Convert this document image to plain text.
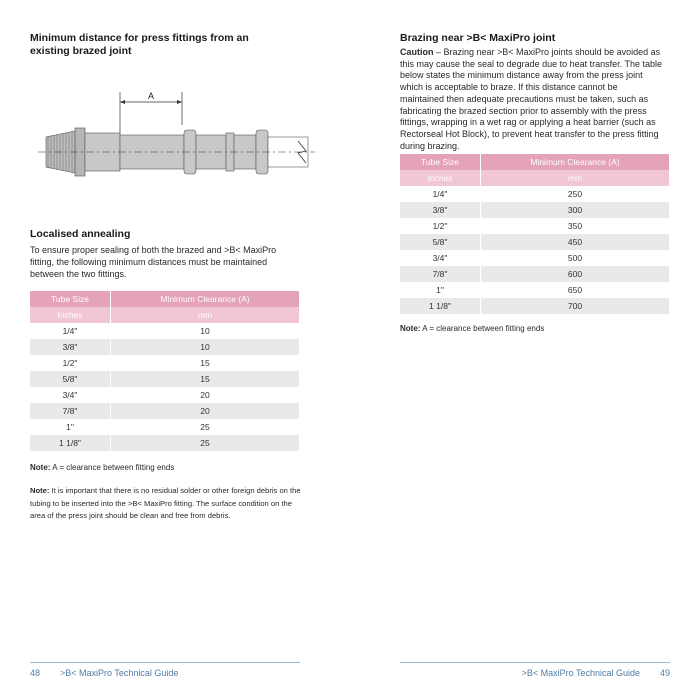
Minimum distance for press fittings from an existing brazed joint
A
Localised annealing

To ensure proper sealing of both the brazed and >B< MaxiPro fitting, the following minimum distances must be maintained between the two fittings.

Tube Size	Minimum Clearance (A)
Inches	mm
1/4"	10
3/8"	10
1/2"	15
5/8"	15
3/4"	20
7/8"	20
1"	25
1 1/8"	25

Note: A = clearance between fitting ends

Note: It is important that there is no residual solder or other foreign debris on the tubing to be inserted into the >B< MaxiPro fitting. The surface condition on the area of the press joint should be clean and free from debris.

48 >B< MaxiPro Technical Guide
Brazing near >B< MaxiPro joint

Caution – Brazing near >B< MaxiPro joints should be avoided as this may cause the seal to degrade due to heat transfer. The table below states the minimum distance away from the press joint which is acceptable to braze. If this distance cannot be maintained then adequate precautions must be taken, such as fabricating the brazed section prior to assembly with the press fittings, wrapping in a wet rag or applying a heat barrier (such as Rectorseal Hot Block), to prevent heat transfer to the press fitting during brazing.

Tube Size	Minimum Clearance (A)
Inches	mm
1/4"	250
3/8"	300
1/2"	350
5/8"	450
3/4"	500
7/8"	600
1"	650
1 1/8"	700

Note: A = clearance between fitting ends

>B< MaxiPro Technical Guide 49
